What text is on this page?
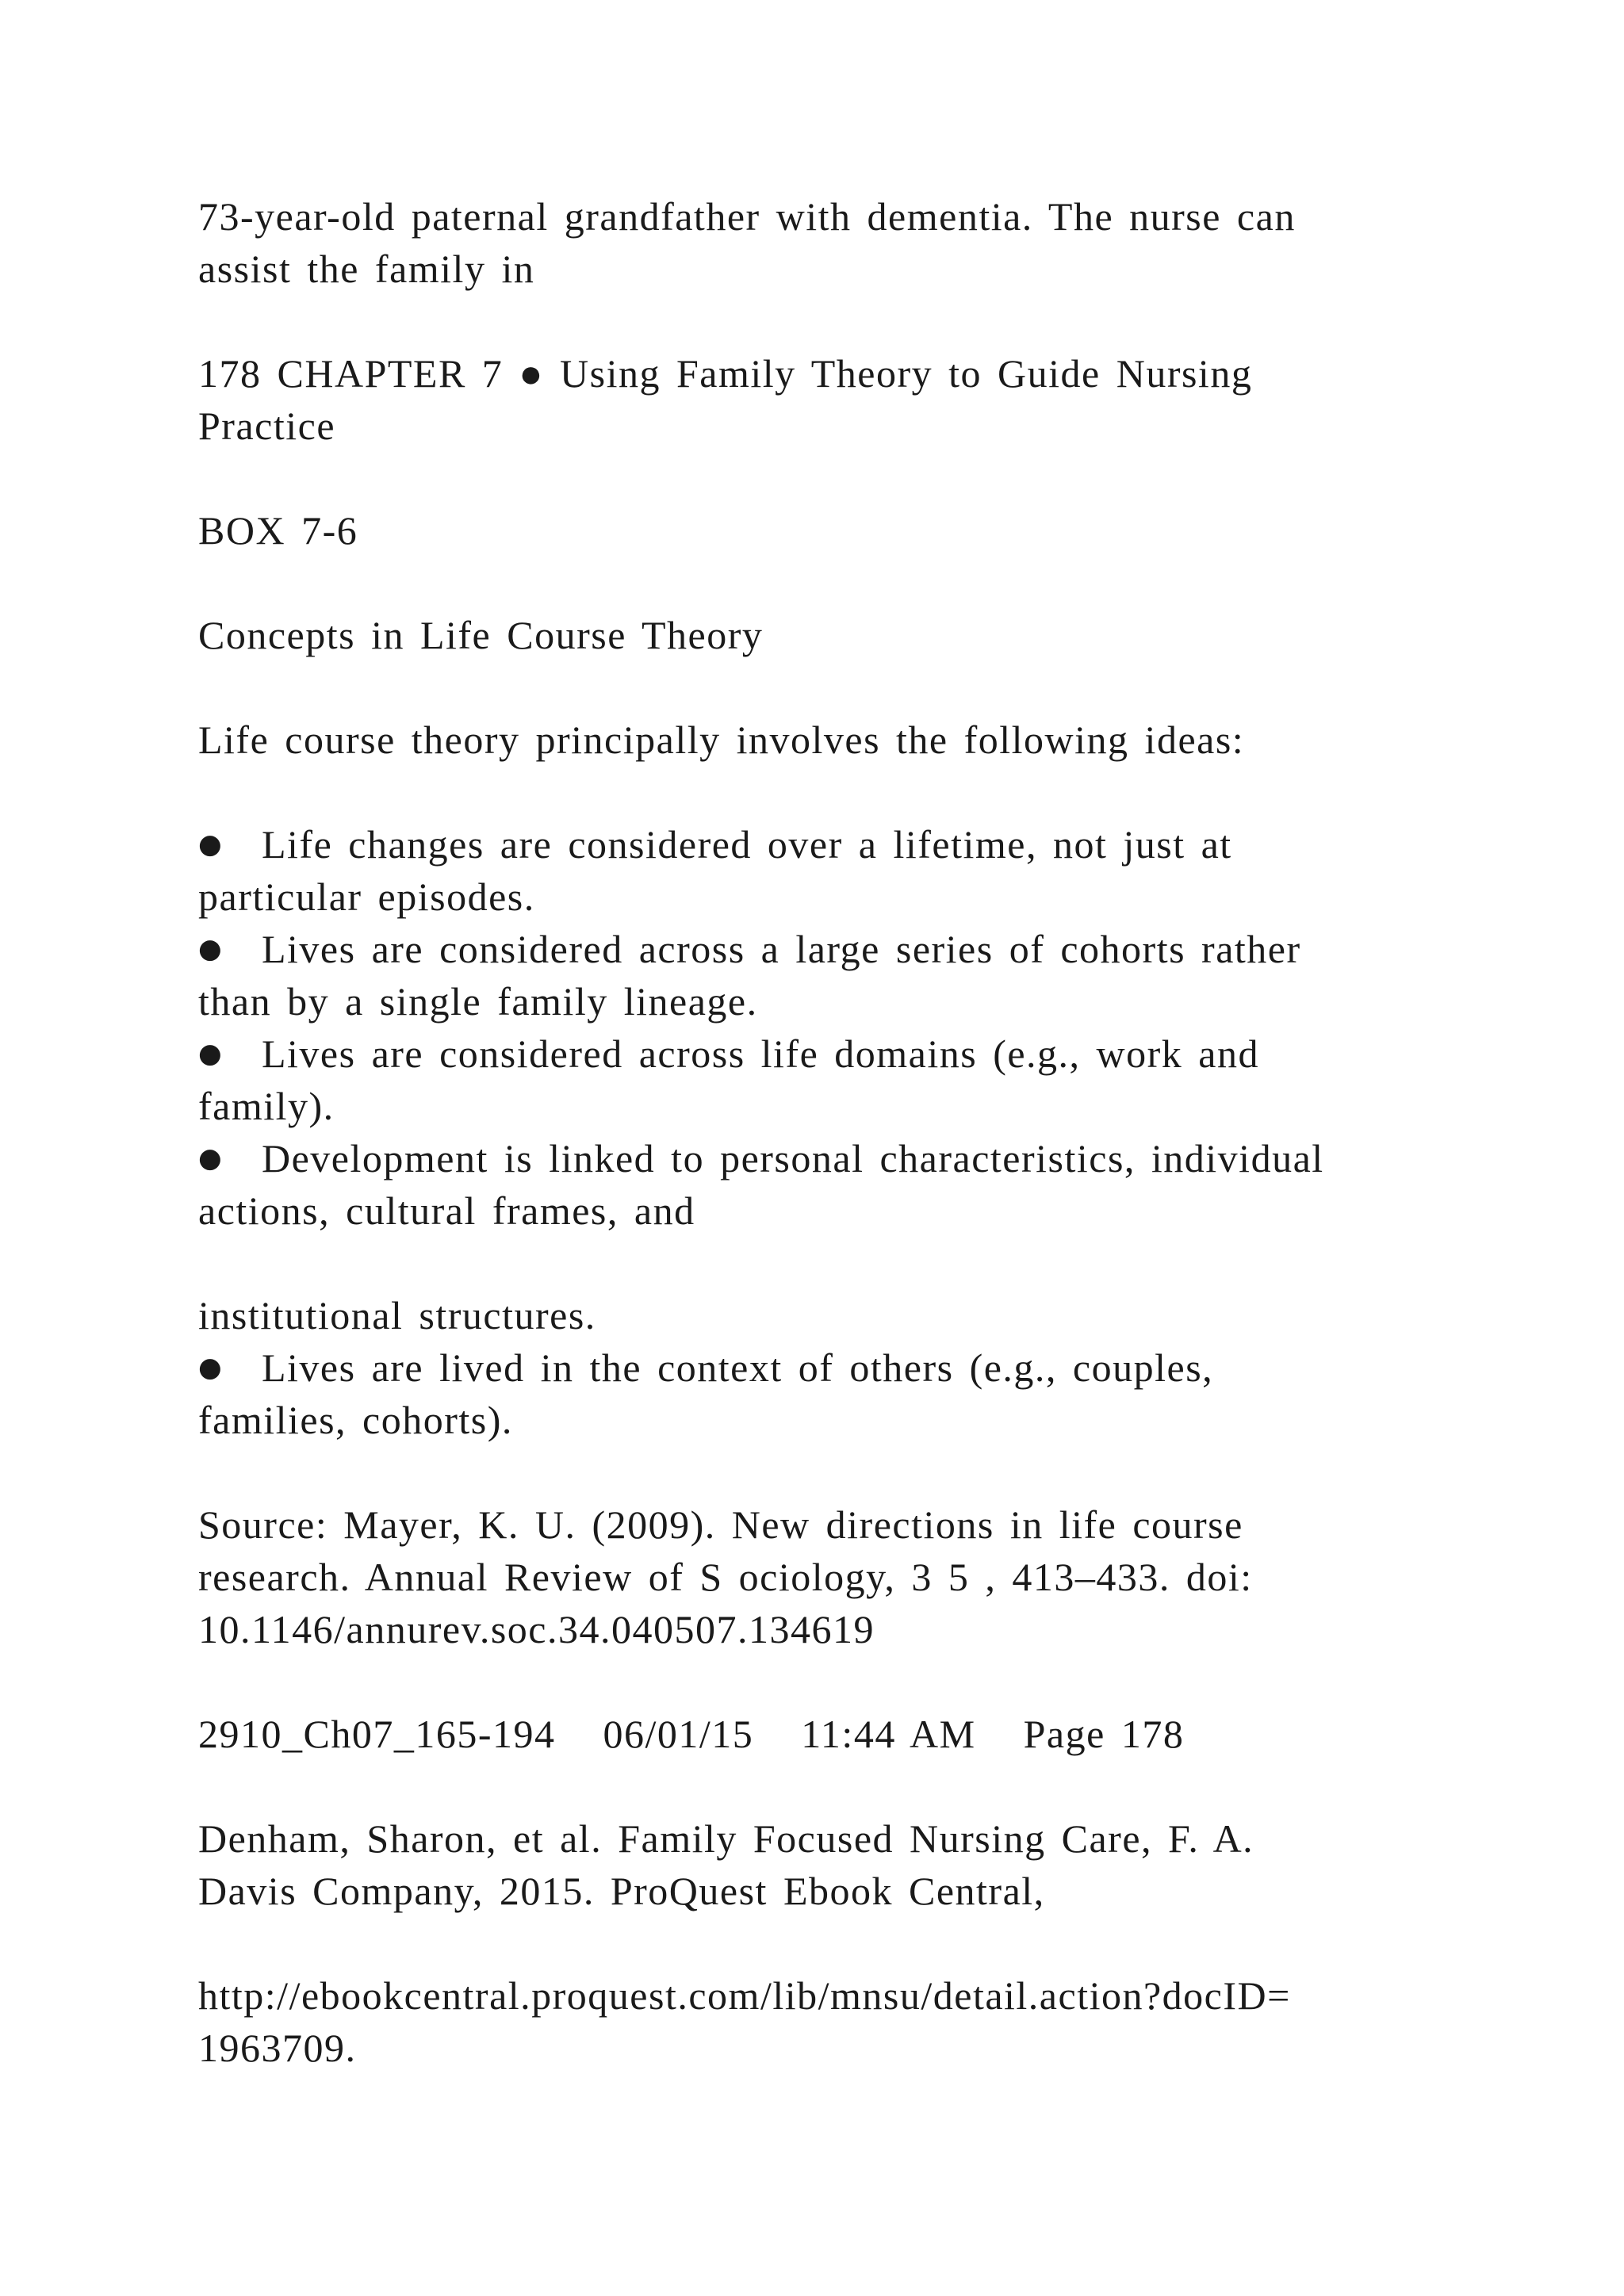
73-year-old paternal grandfather with dementia. The nurse can
assist the family in

178 CHAPTER 7 ● Using Family Theory to Guide Nursing
Practice

BOX 7-6

Concepts in Life Course Theory

Life course theory principally involves the following ideas:

● Life changes are considered over a lifetime, not just at
particular episodes.
● Lives are considered across a large series of cohorts rather
than by a single family lineage.
● Lives are considered across life domains (e.g., work and
family).
● Development is linked to personal characteristics, individual
actions, cultural frames, and
institutional structures.
● Lives are lived in the context of others (e.g., couples,
families, cohorts).

Source: Mayer, K. U. (2009). New directions in life course
research. Annual Review of S ociology, 3 5 , 413–433. doi:
10.1146/annurev.soc.34.040507.134619

2910_Ch07_165-194   06/01/15   11:44 AM   Page 178

Denham, Sharon, et al. Family Focused Nursing Care, F. A.
Davis Company, 2015. ProQuest Ebook Central,

http://ebookcentral.proquest.com/lib/mnsu/detail.action?docID=
1963709.
